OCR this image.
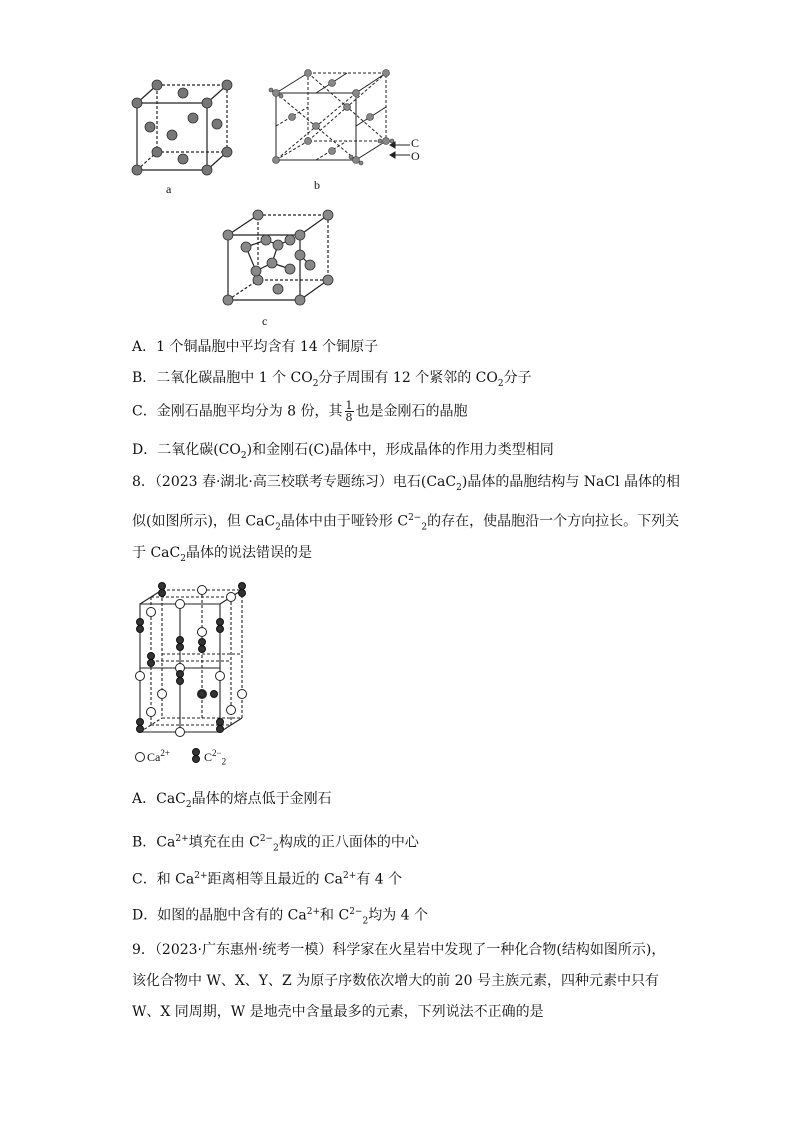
a	b
C
O
c
A．1 个铜晶胞中平均含有 14 个铜原子
B．二氧化碳晶胞中 1 个 $CO_2$分子周围有 12 个紧邻的 $CO_2$分子
C．金刚石晶胞平均分为 8 份，其 $\frac{1}{8}$ 也是金刚石的晶胞
D．二氧化碳$(CO_2)$和金刚石(C)晶体中，形成晶体的作用力类型相同
8．（2023 春·湖北·高三校联考专题练习）电石(CaC$_2$)晶体的晶胞结构与 NaCl 晶体的相
似(如图所示)，但 CaC$_2$晶体中由于哑铃形 $C^{2-}_2$的存在，使晶胞沿一个方向拉长。下列关
于 CaC$_2$晶体的说法错误的是
$Ca^{2+}$	$C^{2-}_2$
A．CaC$_2$晶体的熔点低于金刚石
B．$Ca^{2+}$填充在由 $C^{2-}_2$构成的正八面体的中心
C．和 $Ca^{2+}$距离相等且最近的 $Ca^{2+}$有 4 个
D．如图的晶胞中含有的 $Ca^{2+}$和 $C^{2-}_2$均为 4 个
9．（2023·广东惠州·统考一模）科学家在火星岩中发现了一种化合物(结构如图所示)，
该化合物中 W、X、Y、Z 为原子序数依次增大的前 20 号主族元素，四种元素中只有
W、X 同周期，W 是地壳中含量最多的元素，下列说法不正确的是
